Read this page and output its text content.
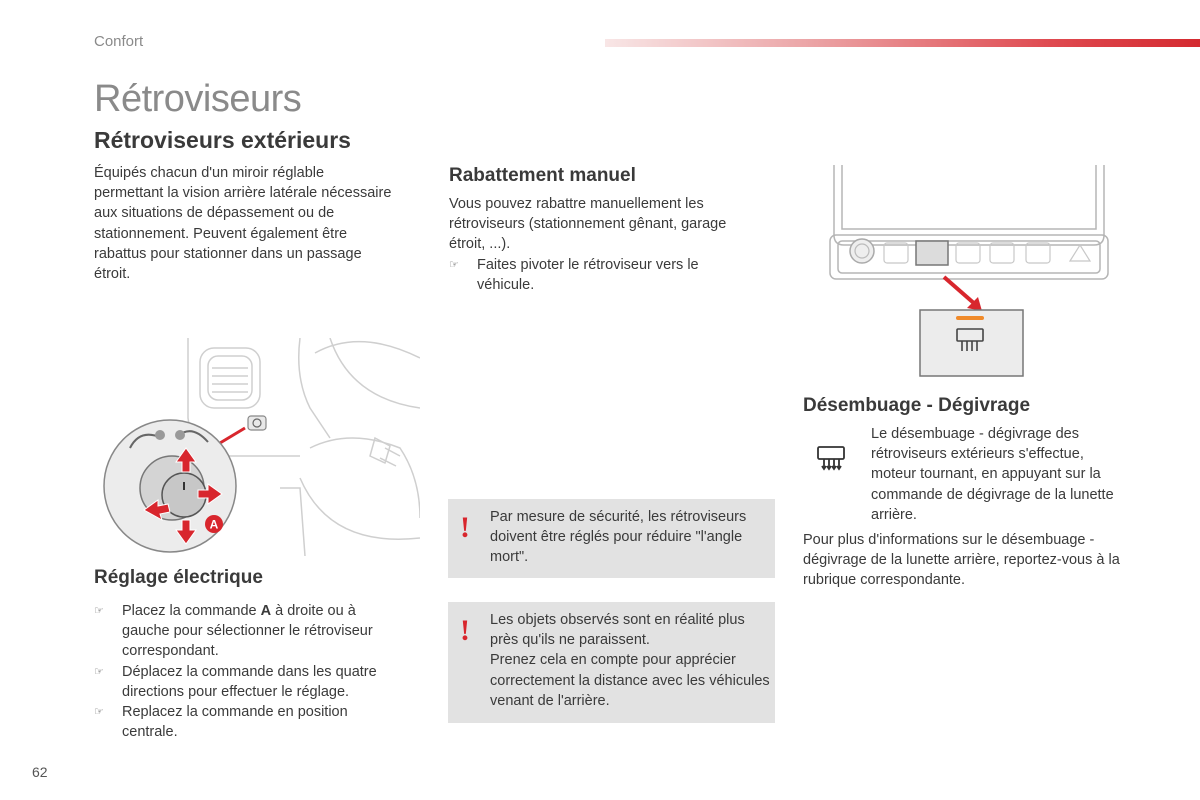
Confort
Rétroviseurs
Rétroviseurs extérieurs

Équipés chacun d'un miroir réglable permettant la vision arrière latérale nécessaire aux situations de dépassement ou de stationnement. Peuvent également être rabattus pour stationner dans un passage étroit.

A
Réglage électrique
☞ Placez la commande A à droite ou à gauche pour sélectionner le rétroviseur correspondant.
☞ Déplacez la commande dans les quatre directions pour effectuer le réglage.
☞ Replacez la commande en position centrale.
Rabattement manuel

Vous pouvez rabattre manuellement les rétroviseurs (stationnement gênant, garage étroit, ...).

☞ Faites pivoter le rétroviseur vers le véhicule.
! Par mesure de sécurité, les rétroviseurs doivent être réglés pour réduire "l'angle mort".

! Les objets observés sont en réalité plus près qu'ils ne paraissent.

Prenez cela en compte pour apprécier correctement la distance avec les véhicules venant de l'arrière.

Désembuage - Dégivrage

Le désembuage - dégivrage des rétroviseurs extérieurs s'effectue, moteur tournant, en appuyant sur la commande de dégivrage de la lunette arrière.

Pour plus d'informations sur le désembuage - dégivrage de la lunette arrière, reportez-vous à la rubrique correspondante.

62
